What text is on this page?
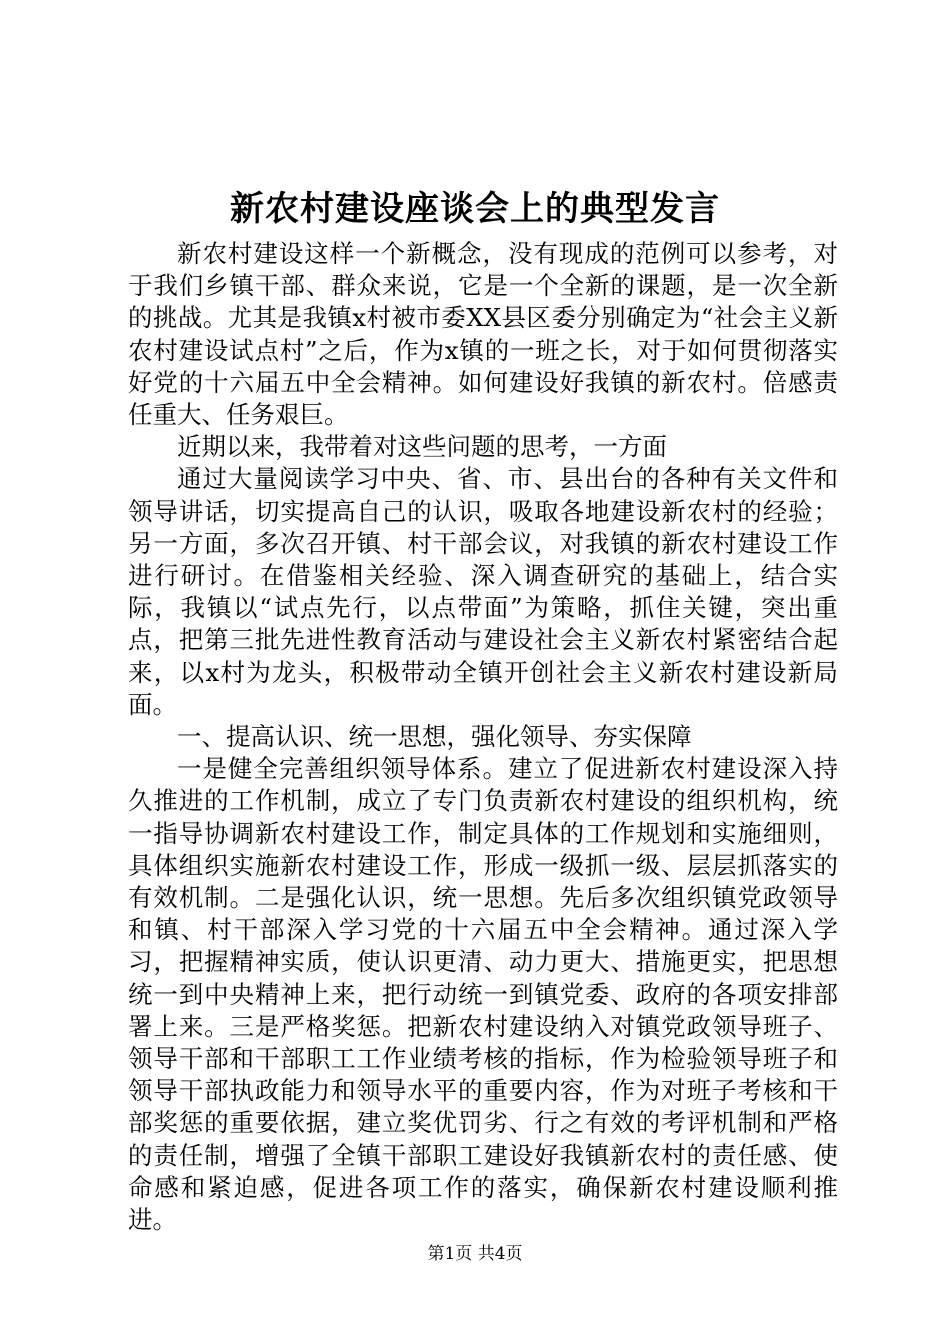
新农村建设座谈会上的典型发言

新农村建设这样一个新概念，没有现成的范例可以参考，对于我们乡镇干部、群众来说，它是一个全新的课题，是一次全新的挑战。尤其是我镇x村被市委XX县区委分别确定为“社会主义新农村建设试点村”之后，作为x镇的一班之长，对于如何贯彻落实好党的十六届五中全会精神。如何建设好我镇的新农村。倍感责任重大、任务艰巨。

近期以来，我带着对这些问题的思考，一方面

通过大量阅读学习中央、省、市、县出台的各种有关文件和领导讲话，切实提高自己的认识，吸取各地建设新农村的经验；另一方面，多次召开镇、村干部会议，对我镇的新农村建设工作进行研讨。在借鉴相关经验、深入调查研究的基础上，结合实际，我镇以“试点先行，以点带面”为策略，抓住关键，突出重点，把第三批先进性教育活动与建设社会主义新农村紧密结合起来，以x村为龙头，积极带动全镇开创社会主义新农村建设新局面。

一、提高认识、统一思想，强化领导、夯实保障

一是健全完善组织领导体系。建立了促进新农村建设深入持久推进的工作机制，成立了专门负责新农村建设的组织机构，统一指导协调新农村建设工作，制定具体的工作规划和实施细则，具体组织实施新农村建设工作，形成一级抓一级、层层抓落实的有效机制。二是强化认识，统一思想。先后多次组织镇党政领导和镇、村干部深入学习党的十六届五中全会精神。通过深入学习，把握精神实质，使认识更清、动力更大、措施更实，把思想统一到中央精神上来，把行动统一到镇党委、政府的各项安排部署上来。三是严格奖惩。把新农村建设纳入对镇党政领导班子、领导干部和干部职工工作业绩考核的指标，作为检验领导班子和领导干部执政能力和领导水平的重要内容，作为对班子考核和干部奖惩的重要依据，建立奖优罚劣、行之有效的考评机制和严格的责任制，增强了全镇干部职工建设好我镇新农村的责任感、使命感和紧迫感，促进各项工作的落实，确保新农村建设顺利推进。

第1页 共4页
